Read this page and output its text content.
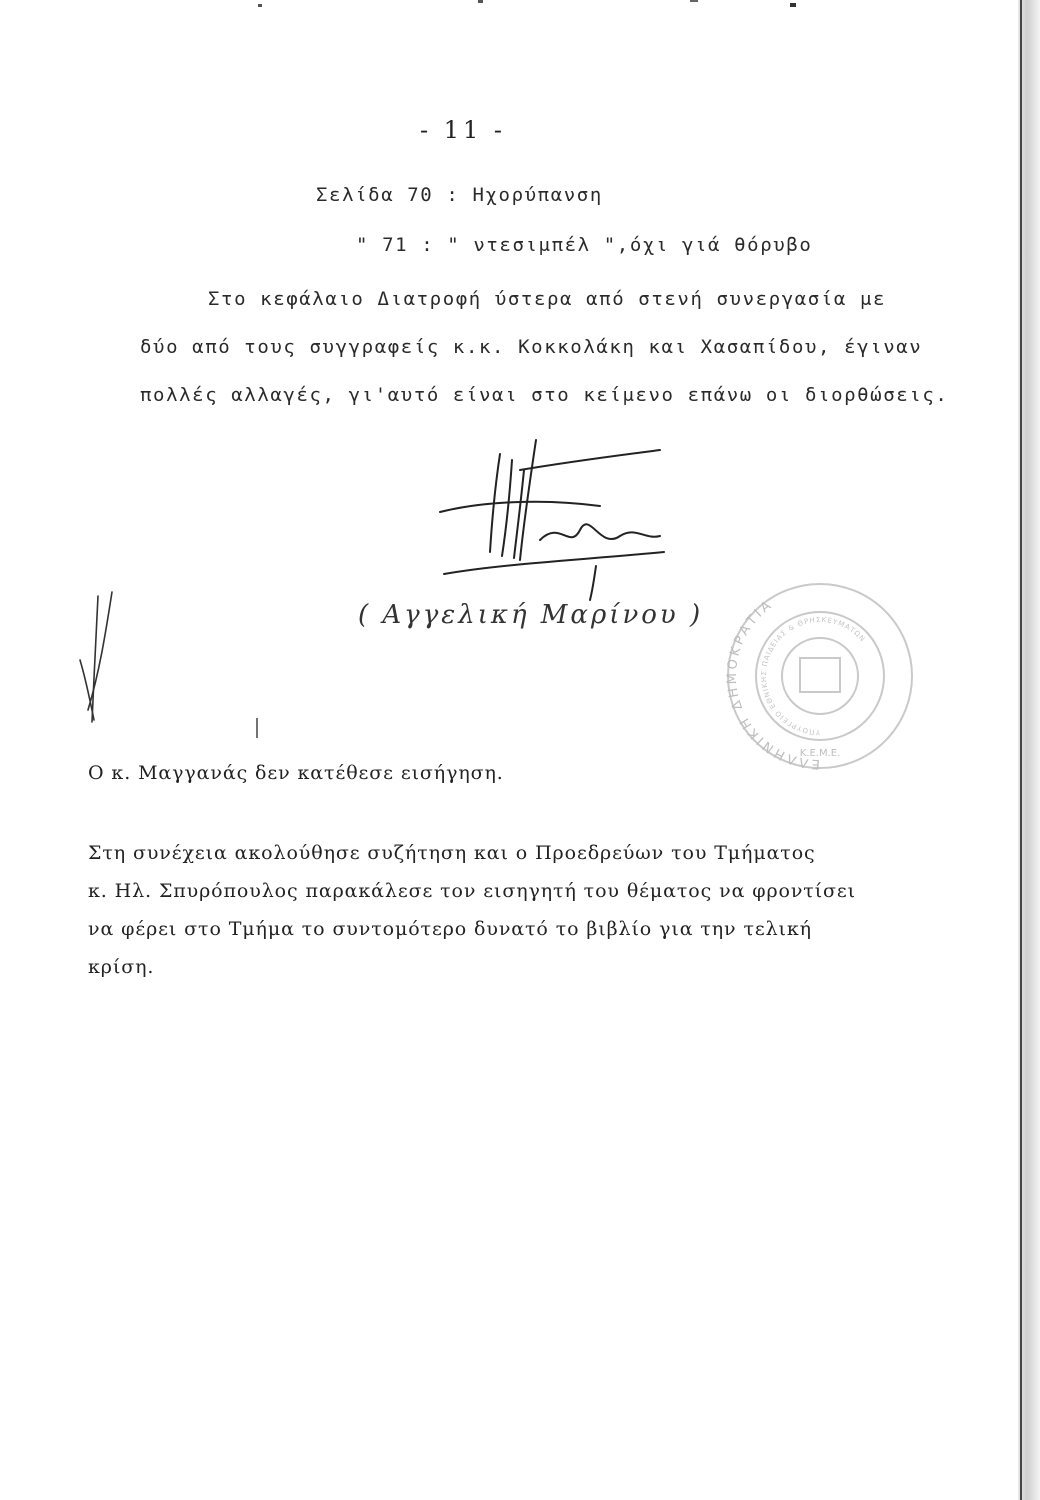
- 11 -
Σελίδα 70 : Ηχορύπανση
" 71 : " ντεσιμπέλ ",όχι γιά θόρυβο
Στο κεφάλαιο Διατροφή ύστερα από στενή συνεργασία με
δύο από τους συγγραφείς κ.κ. Κοκκολάκη και Χασαπίδου, έγιναν
πολλές αλλαγές, γι'αυτό είναι στο κείμενο επάνω οι διορθώσεις.
( Αγγελική Μαρίνου )
ΕΛΛΗΝΙΚΗ ΔΗΜΟΚΡΑΤΙΑ
ΥΠΟΥΡΓΕΙΟ ΕΘΝΙΚΗΣ ΠΑΙΔΕΙΑΣ & ΘΡΗΣΚΕΥΜΑΤΩΝ
Κ.Ε.Μ.Ε.
Ο κ. Μαγγανάς δεν κατέθεσε εισήγηση.
Στη συνέχεια ακολούθησε συζήτηση και ο Προεδρεύων του Τμήματος
κ. Ηλ. Σπυρόπουλος παρακάλεσε τον εισηγητή του θέματος να φροντίσει
να φέρει στο Τμήμα το συντομότερο δυνατό το βιβλίο για την τελική
κρίση.
